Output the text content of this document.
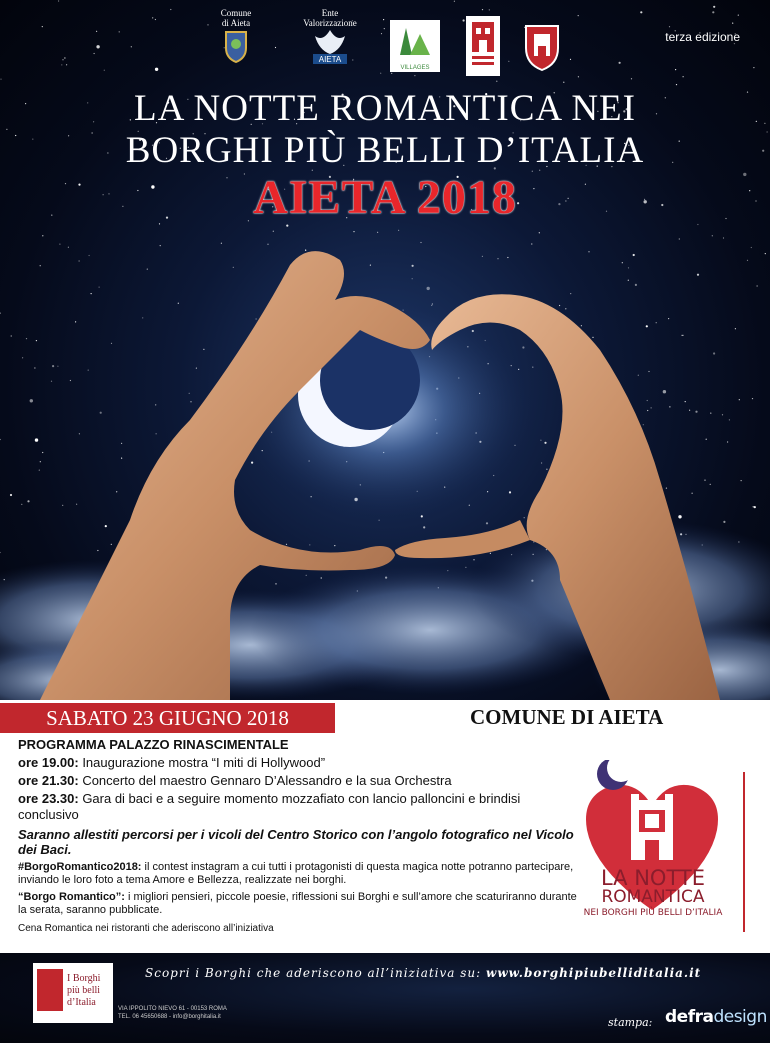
Comune
di Aieta
Ente
Valorizzazione
AIETA
VILLAGES
terza edizione
LA NOTTE ROMANTICA NEI
BORGHI PIÙ BELLI D’ITALIA
AIETA 2018
SABATO 23 GIUGNO 2018	COMUNE DI AIETA
PROGRAMMA PALAZZO RINASCIMENTALE
ore 19.00: Inaugurazione mostra “I miti di Hollywood”
ore 21.30: Concerto del maestro Gennaro D’Alessandro e la sua Orchestra
ore 23.30: Gara di baci e a seguire momento mozzafiato con lancio palloncini e brindisi conclusivo
Saranno allestiti percorsi per i vicoli del Centro Storico con l’angolo fotografico nel Vicolo dei Baci.
#BorgoRomantico2018: il contest instagram a cui tutti i protagonisti di questa magica notte potranno partecipare, inviando le loro foto a tema Amore e Bellezza, realizzate nei borghi.
“Borgo Romantico”: i migliori pensieri, piccole poesie, riflessioni sui Borghi e sull’amore che scaturiranno durante la serata, saranno pubblicate.
Cena Romantica nei ristoranti che aderiscono all’iniziativa
LA NOTTE
ROMANTICA
NEI BORGHI PIÙ BELLI D’ITALIA
I Borghi
più belli
d’Italia
Scopri i Borghi che aderiscono all’iniziativa su: www.borghipiubelliditalia.it
VIA IPPOLITO NIEVO 61 - 00153 ROMA
TEL. 06 45650688 - info@borghitalia.it	stampa: defradesign
